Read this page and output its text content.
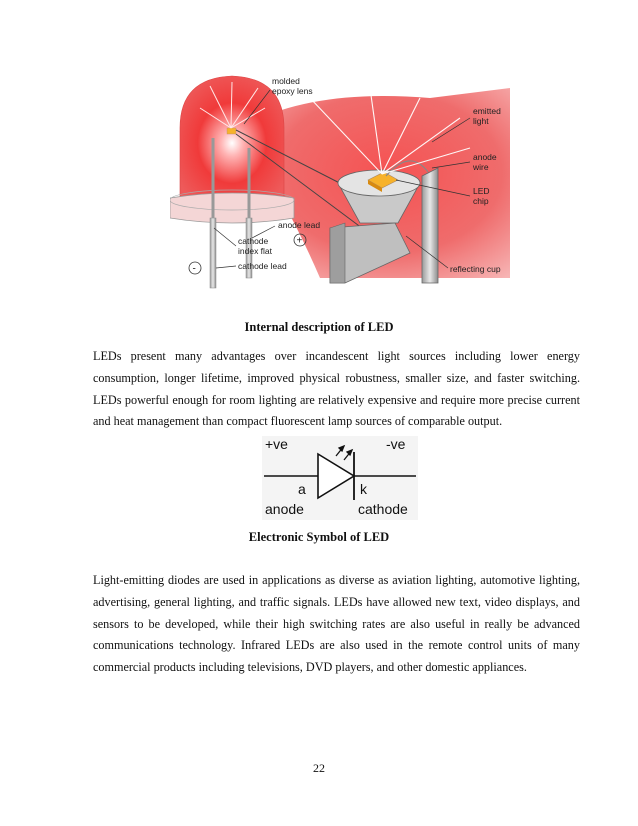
molded
epoxy lens
emitted
light
anode
wire
LED
chip
anode lead
+
cathode
index flat
cathode lead
-	reflecting cup
Internal description of LED

LEDs present many advantages over incandescent light sources including lower energy consumption, longer lifetime, improved physical robustness, smaller size, and faster switching. LEDs powerful enough for room lighting are relatively expensive and require more precise current and heat management than compact fluorescent lamp sources of comparable output.

+ve	-ve
a	k
anode	cathode
Electronic Symbol of LED

Light-emitting diodes are used in applications as diverse as aviation lighting, automotive lighting, advertising, general lighting, and traffic signals. LEDs have allowed new text, video displays, and sensors to be developed, while their high switching rates are also useful in really be advanced communications technology. Infrared LEDs are also used in the remote control units of many commercial products including televisions, DVD players, and other domestic appliances.

22
